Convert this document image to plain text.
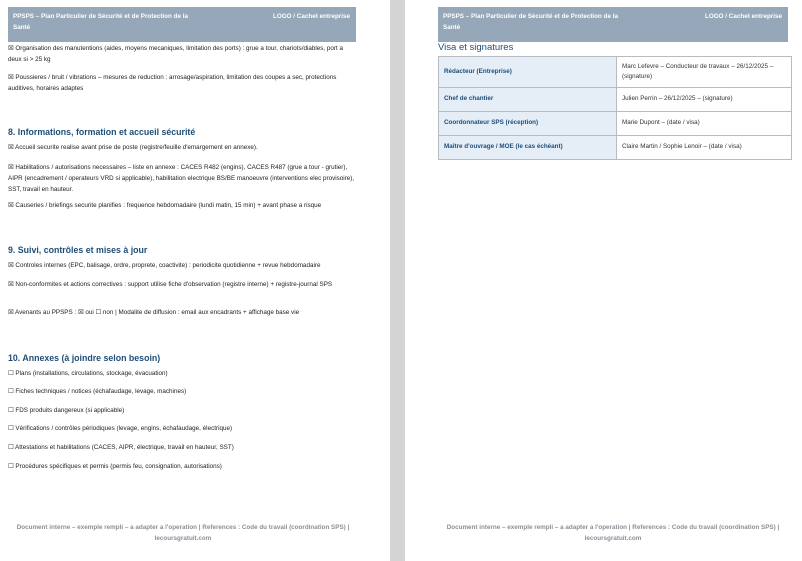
PPSPS – Plan Particulier de Sécurité et de Protection de la Santé
LOGO / Cachet entreprise
☒ Organisation des manutentions (aides, moyens mecaniques, limitation des ports) : grue a tour, chariots/diables, port a deux si > 25 kg
☒ Poussieres / bruit / vibrations – mesures de reduction : arrosage/aspiration, limitation des coupes a sec, protections auditives, horaires adaptes
8. Informations, formation et accueil sécurité
☒ Accueil securite realise avant prise de poste (registre/feuille d'emargement en annexe).
☒ Habilitations / autorisations necessaires – liste en annexe : CACES R482 (engins), CACES R487 (grue a tour - grutier), AIPR (encadrement / operateurs VRD si applicable), habilitation electrique BS/BE manoeuvre (interventions elec provisoire), SST, travail en hauteur.
☒ Causeries / briefings securite planifies : frequence hebdomadaire (lundi matin, 15 min) + avant phase a risque
9. Suivi, contrôles et mises à jour
☒ Controles internes (EPC, balisage, ordre, proprete, coactivite) : periodicite quotidienne + revue hebdomadaire
☒ Non-conformites et actions correctives : support utilise fiche d'observation (registre interne) + registre-journal SPS
☒ Avenants au PPSPS : ☒ oui ☐ non | Modalite de diffusion : email aux encadrants + affichage base vie
10. Annexes (à joindre selon besoin)
☐ Plans (installations, circulations, stockage, évacuation)
☐ Fiches techniques / notices (échafaudage, levage, machines)
☐ FDS produits dangereux (si applicable)
☐ Vérifications / contrôles périodiques (levage, engins, échafaudage, électrique)
☐ Attestations et habilitations (CACES, AIPR, électrique, travail en hauteur, SST)
☐ Procédures spécifiques et permis (permis feu, consignation, autorisations)
Document interne – exemple rempli – a adapter a l'operation | References : Code du travail (coordination SPS) | lecoursgratuit.com
PPSPS – Plan Particulier de Sécurité et de Protection de la Santé
LOGO / Cachet entreprise
Visa et signatures
Rédacteur (Entreprise)	Marc Lefevre – Conducteur de travaux – 26/12/2025 – (signature)
Chef de chantier	Julien Perrin – 26/12/2025 – (signature)
Coordonnateur SPS (réception)	Marie Dupont – (date / visa)
Maître d'ouvrage / MOE (le cas échéant)	Claire Martin / Sophie Lenoir – (date / visa)
Document interne – exemple rempli – a adapter a l'operation | References : Code du travail (coordination SPS) | lecoursgratuit.com
